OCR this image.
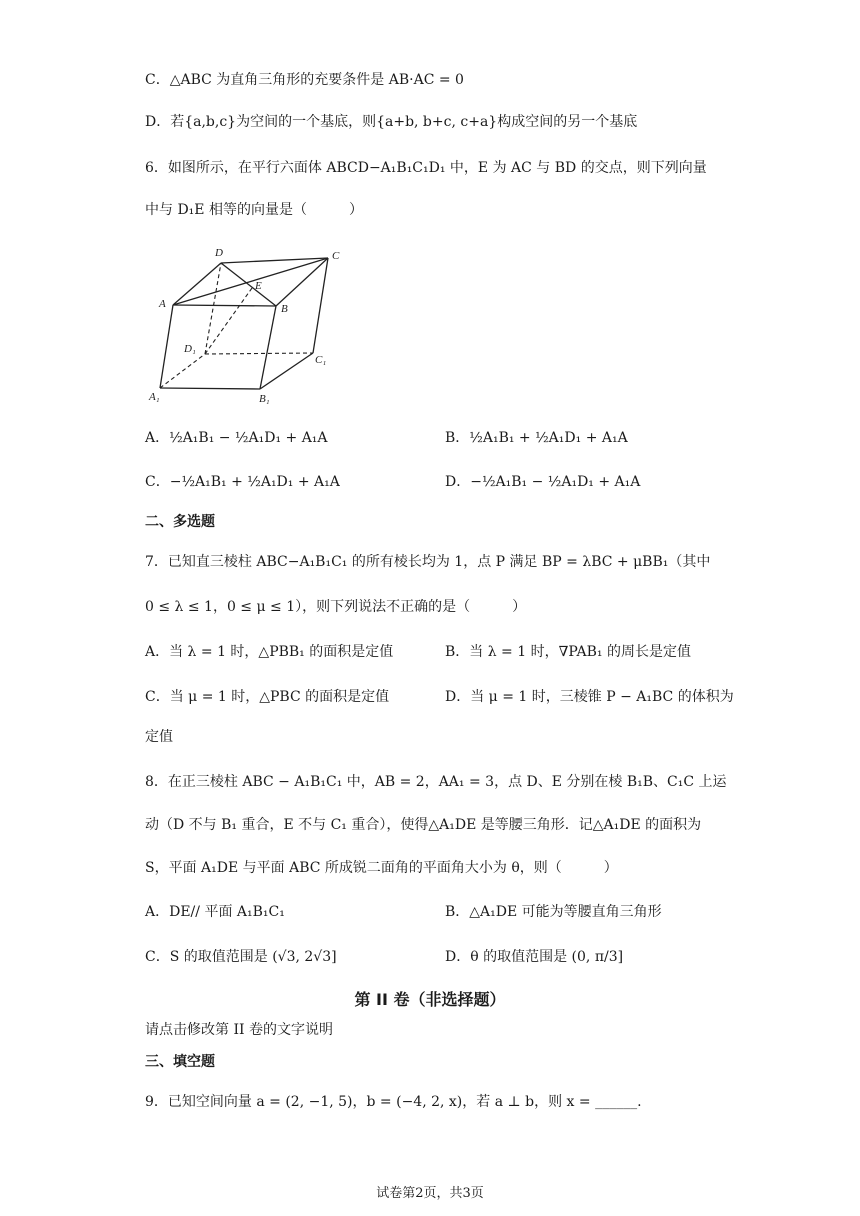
C．△ABC 为直角三角形的充要条件是 AB·AC = 0
D．若{a,b,c}为空间的一个基底，则{a+b, b+c, c+a}构成空间的另一个基底
6．如图所示，在平行六面体 ABCD−A₁B₁C₁D₁ 中，E 为 AC 与 BD 的交点，则下列向量
中与 D₁E 相等的向量是（　　　）
A	B
C
D
E
A₁	B₁
C₁
D₁
A．½A₁B₁ − ½A₁D₁ + A₁A	B．½A₁B₁ + ½A₁D₁ + A₁A
C．−½A₁B₁ + ½A₁D₁ + A₁A	D．−½A₁B₁ − ½A₁D₁ + A₁A
二、多选题
7．已知直三棱柱 ABC−A₁B₁C₁ 的所有棱长均为 1，点 P 满足 BP = λBC + μBB₁（其中
0 ≤ λ ≤ 1，0 ≤ μ ≤ 1），则下列说法不正确的是（　　　）
A．当 λ = 1 时，△PBB₁ 的面积是定值	B．当 λ = 1 时，∇PAB₁ 的周长是定值
C．当 μ = 1 时，△PBC 的面积是定值	D．当 μ = 1 时，三棱锥 P − A₁BC 的体积为
定值
8．在正三棱柱 ABC − A₁B₁C₁ 中，AB = 2，AA₁ = 3，点 D、E 分别在棱 B₁B、C₁C 上运
动（D 不与 B₁ 重合，E 不与 C₁ 重合），使得△A₁DE 是等腰三角形．记△A₁DE 的面积为
S，平面 A₁DE 与平面 ABC 所成锐二面角的平面角大小为 θ，则（　　　）
A．DE// 平面 A₁B₁C₁	B．△A₁DE 可能为等腰直角三角形
C．S 的取值范围是 (√3, 2√3]	D．θ 的取值范围是 (0, π/3]
第 II 卷（非选择题）
请点击修改第 II 卷的文字说明
三、填空题
9．已知空间向量 a = (2, −1, 5)，b = (−4, 2, x)，若 a ⊥ b，则 x = ______.
试卷第2页，共3页
